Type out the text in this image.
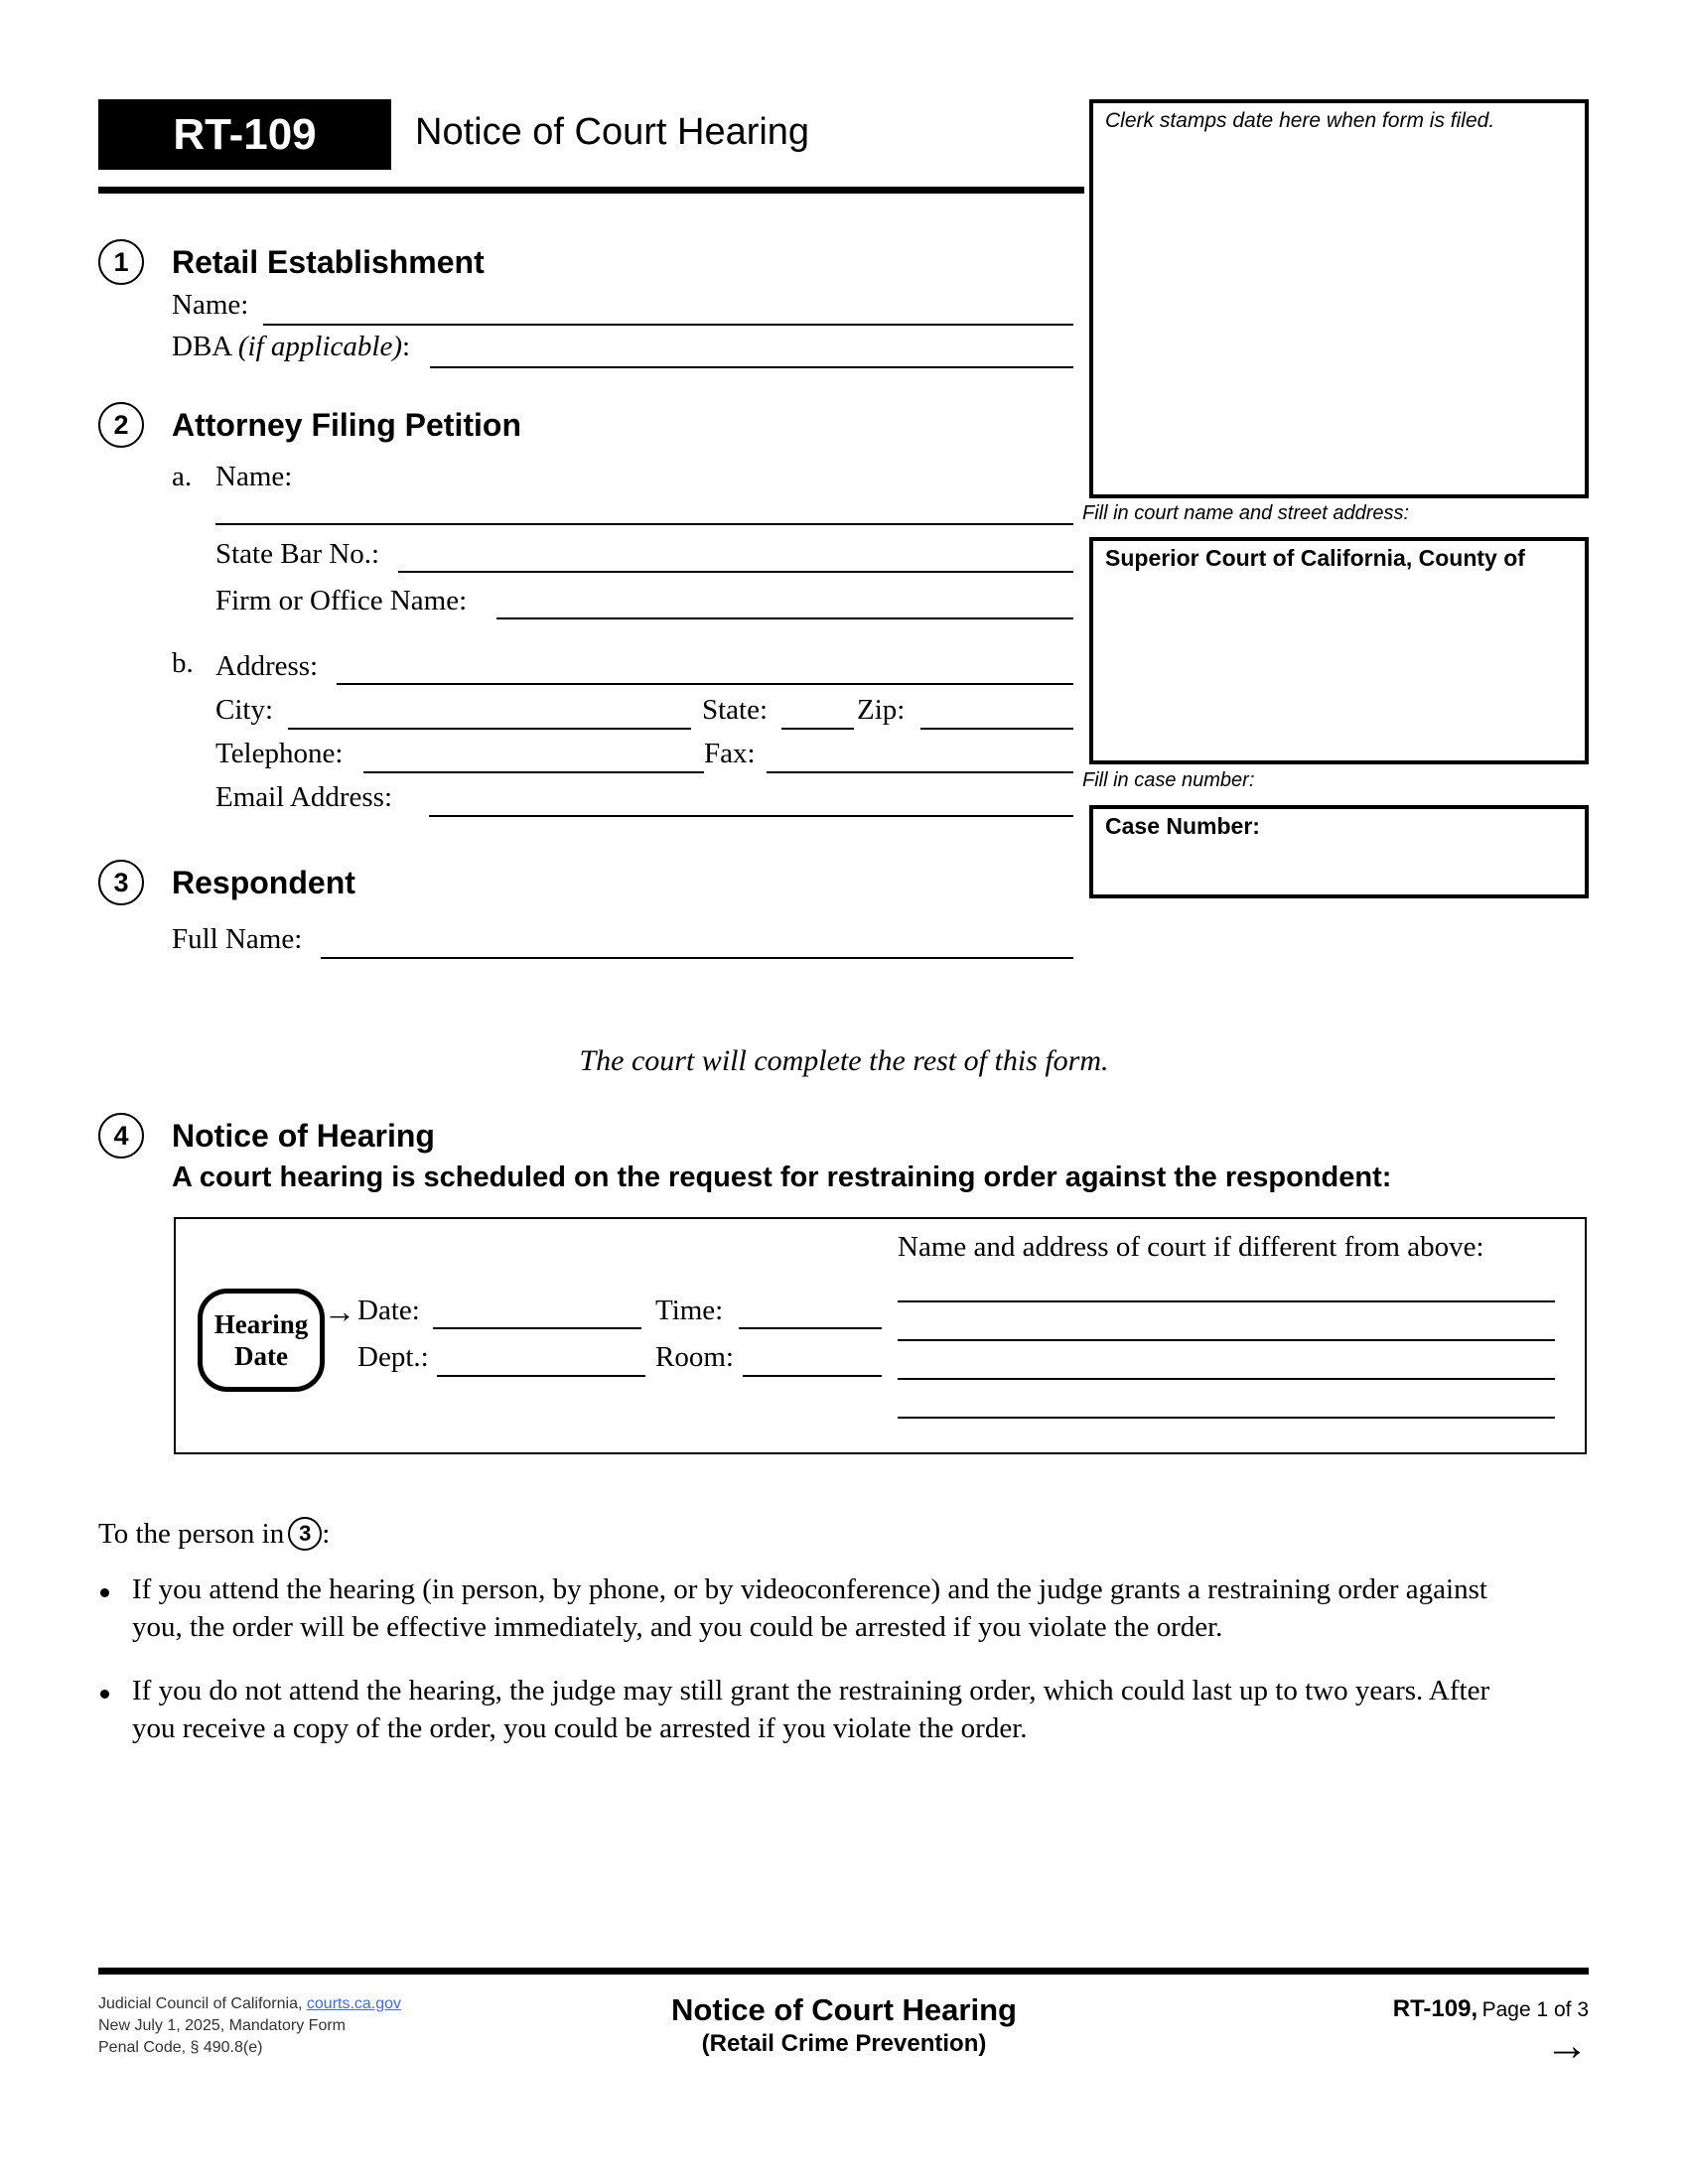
RT-109	Notice of Court Hearing	Clerk stamps date here when form is filed.
Fill in court name and street address:
Superior Court of California, County of
Fill in case number:
Case Number:
1	Retail Establishment
Name:
DBA (if applicable):
2	Attorney Filing Petition
a. Name:
State Bar No.:
Firm or Office Name:
b. Address:
City:	State:	Zip:
Telephone:	Fax:
Email Address:
3	Respondent
Full Name:
The court will complete the rest of this form.
4	Notice of Hearing
A court hearing is scheduled on the request for restraining order against the respondent:
Hearing
Date
→ Date:	Time:
Dept.:	Room:
Name and address of court if different from above:
To the person in 3 :
If you attend the hearing (in person, by phone, or by videoconference) and the judge grants a restraining order against
you, the order will be effective immediately, and you could be arrested if you violate the order.
If you do not attend the hearing, the judge may still grant the restraining order, which could last up to two years. After
you receive a copy of the order, you could be arrested if you violate the order.
Judicial Council of California, courts.ca.gov
New July 1, 2025, Mandatory Form
Penal Code, § 490.8(e)
Notice of Court Hearing
(Retail Crime Prevention)
RT-109, Page 1 of 3
→
